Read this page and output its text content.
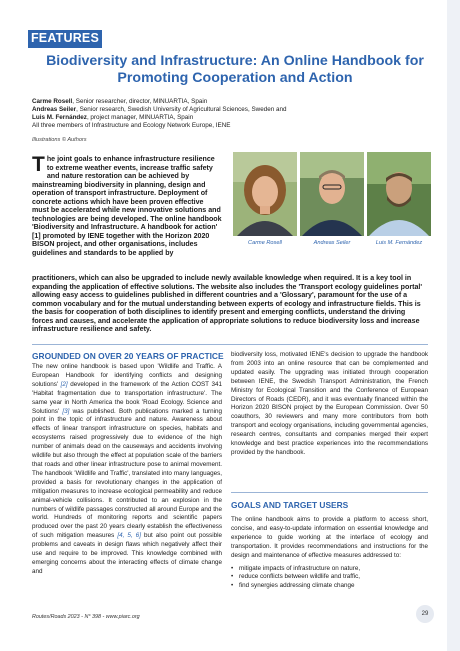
FEATURES
Biodiversity and Infrastructure: An Online Handbook for Promoting Cooperation and Action
Carme Rosell, Senior researcher, director, MINUARTIA, Spain
Andreas Seiler, Senior research, Swedish University of Agricultural Sciences, Sweden and
Luis M. Fernández, project manager, MINUARTIA, Spain
All three members of Infrastructure and Ecology Network Europe, IENE
Illustrations © Authors
The joint goals to enhance infrastructure resilience to extreme weather events, increase traffic safety and nature restoration can be achieved by mainstreaming biodiversity in planning, design and operation of transport infrastructure. Deployment of concrete actions which have been proven effective must be accelerated while new innovative solutions and technologies are being developed. The online handbook 'Biodiversity and Infrastructure. A handbook for action' [1] promoted by IENE together with the Horizon 2020 BISON project, and other organisations, includes guidelines and standards to be applied by
Carme Rosell	Andreas Seiler	Luis M. Fernández
practitioners, which can also be upgraded to include newly available knowledge when required. It is a key tool in expanding the application of effective solutions. The website also includes the 'Transport ecology guidelines portal' allowing easy access to guidelines published in different countries and a 'Glossary', paramount for the use of a common vocabulary and for the mutual understanding between experts of ecology and infrastructure fields. This is the basis for cooperation of both disciplines to identify present and emerging conflicts, understand the driving forces and causes, and accelerate the application of appropriate solutions to reduce biodiversity loss and increase infrastructure resilience and safety.
GROUNDED ON OVER 20 YEARS OF PRACTICE
The new online handbook is based upon 'Wildlife and Traffic. A European Handbook for identifying conflicts and designing solutions' [2] developed in the framework of the Action COST 341 'Habitat fragmentation due to transportation infrastructure'. The same year in North America the book 'Road Ecology. Science and Solutions' [3] was published. Both publications marked a turning point in the topic of infrastructure and nature. Awareness about effects of linear transport infrastructure on species, habitats and ecosystems raised progressively due to evidence of the high number of animals dead on the causeways and accidents involving wildlife but also through the effect at population scale of the barriers that roads and other linear infrastructure pose to animal movement. The handbook 'Wildlife and Traffic', translated into many languages, provided a basis for revolutionary changes in the application of mitigation measures to increase ecological permeability and reduce animal-vehicle collisions. It contributed to an explosion in the numbers of wildlife passages constructed all around Europe and the world. Hundreds of monitoring reports and scientific papers produced over the past 20 years clearly establish the effectiveness of such mitigation measures [4, 5, 6] but also point out possible problems and caveats in design flaws which negatively affect their use and require to be improved. This knowledge combined with emerging concerns about the interacting effects of climate change and
biodiversity loss, motivated IENE's decision to upgrade the handbook from 2003 into an online resource that can be complemented and updated easily. The upgrading was initiated through cooperation between IENE, the Swedish Transport Administration, the French Ministry for Ecological Transition and the Conference of European Directors of Roads (CEDR), and it was eventually financed within the Horizon 2020 BISON project by the European Commission. Over 50 coauthors, 30 reviewers and many more contributors from both transport and ecology organisations, including governmental agencies, research centres, consultants and companies merged their expert knowledge and best practice experiences into the recommendations provided by the handbook.
GOALS AND TARGET USERS
The online handbook aims to provide a platform to access short, concise, and easy-to-update information on essential knowledge and experience to guide working at the interface of ecology and transportation. It provides recommendations and instructions for the design and maintenance of effective measures addressed to:
• mitigate impacts of infrastructure on nature,
• reduce conflicts between wildlife and traffic,
• find synergies addressing climate change
Routes/Roads 2023 - N° 398 - www.piarc.org	29
